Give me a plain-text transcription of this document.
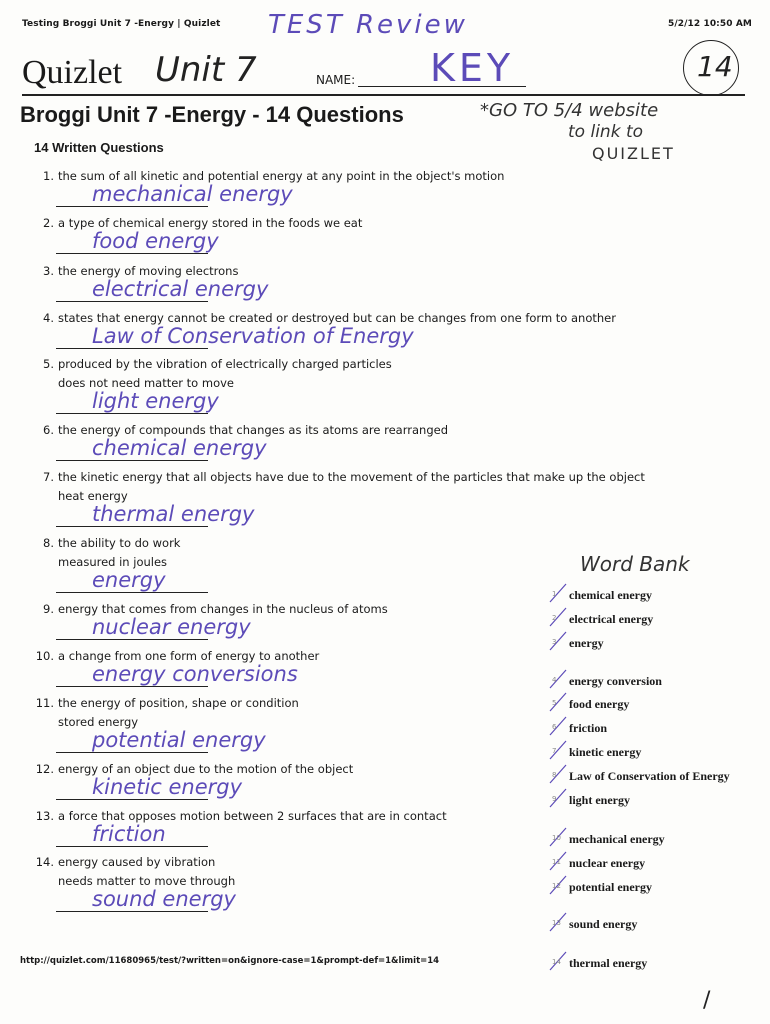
Testing Broggi Unit 7 -Energy | Quizlet	5/2/12 10:50 AM
TEST Review
Quizlet Unit 7	NAME: KEY	14
Broggi Unit 7 -Energy - 14 Questions
14 Written Questions
*GO TO 5/4 website
to link to
QUIZLET
1. the sum of all kinetic and potential energy at any point in the object's motion
mechanical energy
2. a type of chemical energy stored in the foods we eat
food energy
3. the energy of moving electrons
electrical energy
4. states that energy cannot be created or destroyed but can be changes from one form to another
Law of Conservation of Energy
5. produced by the vibration of electrically charged particles
does not need matter to move
light energy
6. the energy of compounds that changes as its atoms are rearranged
chemical energy
7. the kinetic energy that all objects have due to the movement of the particles that make up the object
heat energy
thermal energy
8. the ability to do work
measured in joules
energy
9. energy that comes from changes in the nucleus of atoms
nuclear energy
10. a change from one form of energy to another
energy conversions
11. the energy of position, shape or condition
stored energy
potential energy
12. energy of an object due to the motion of the object
kinetic energy
13. a force that opposes motion between 2 surfaces that are in contact
friction
14. energy caused by vibration
needs matter to move through
sound energy
Word Bank
1 chemical energy
2 electrical energy
3 energy
4 energy conversion
5 food energy
6 friction
7 kinetic energy
8 Law of Conservation of Energy
9 light energy
10 mechanical energy
11 nuclear energy
12 potential energy
13 sound energy
14 thermal energy
http://quizlet.com/11680965/test/?written=on&ignore-case=1&prompt-def=1&limit=14
/
